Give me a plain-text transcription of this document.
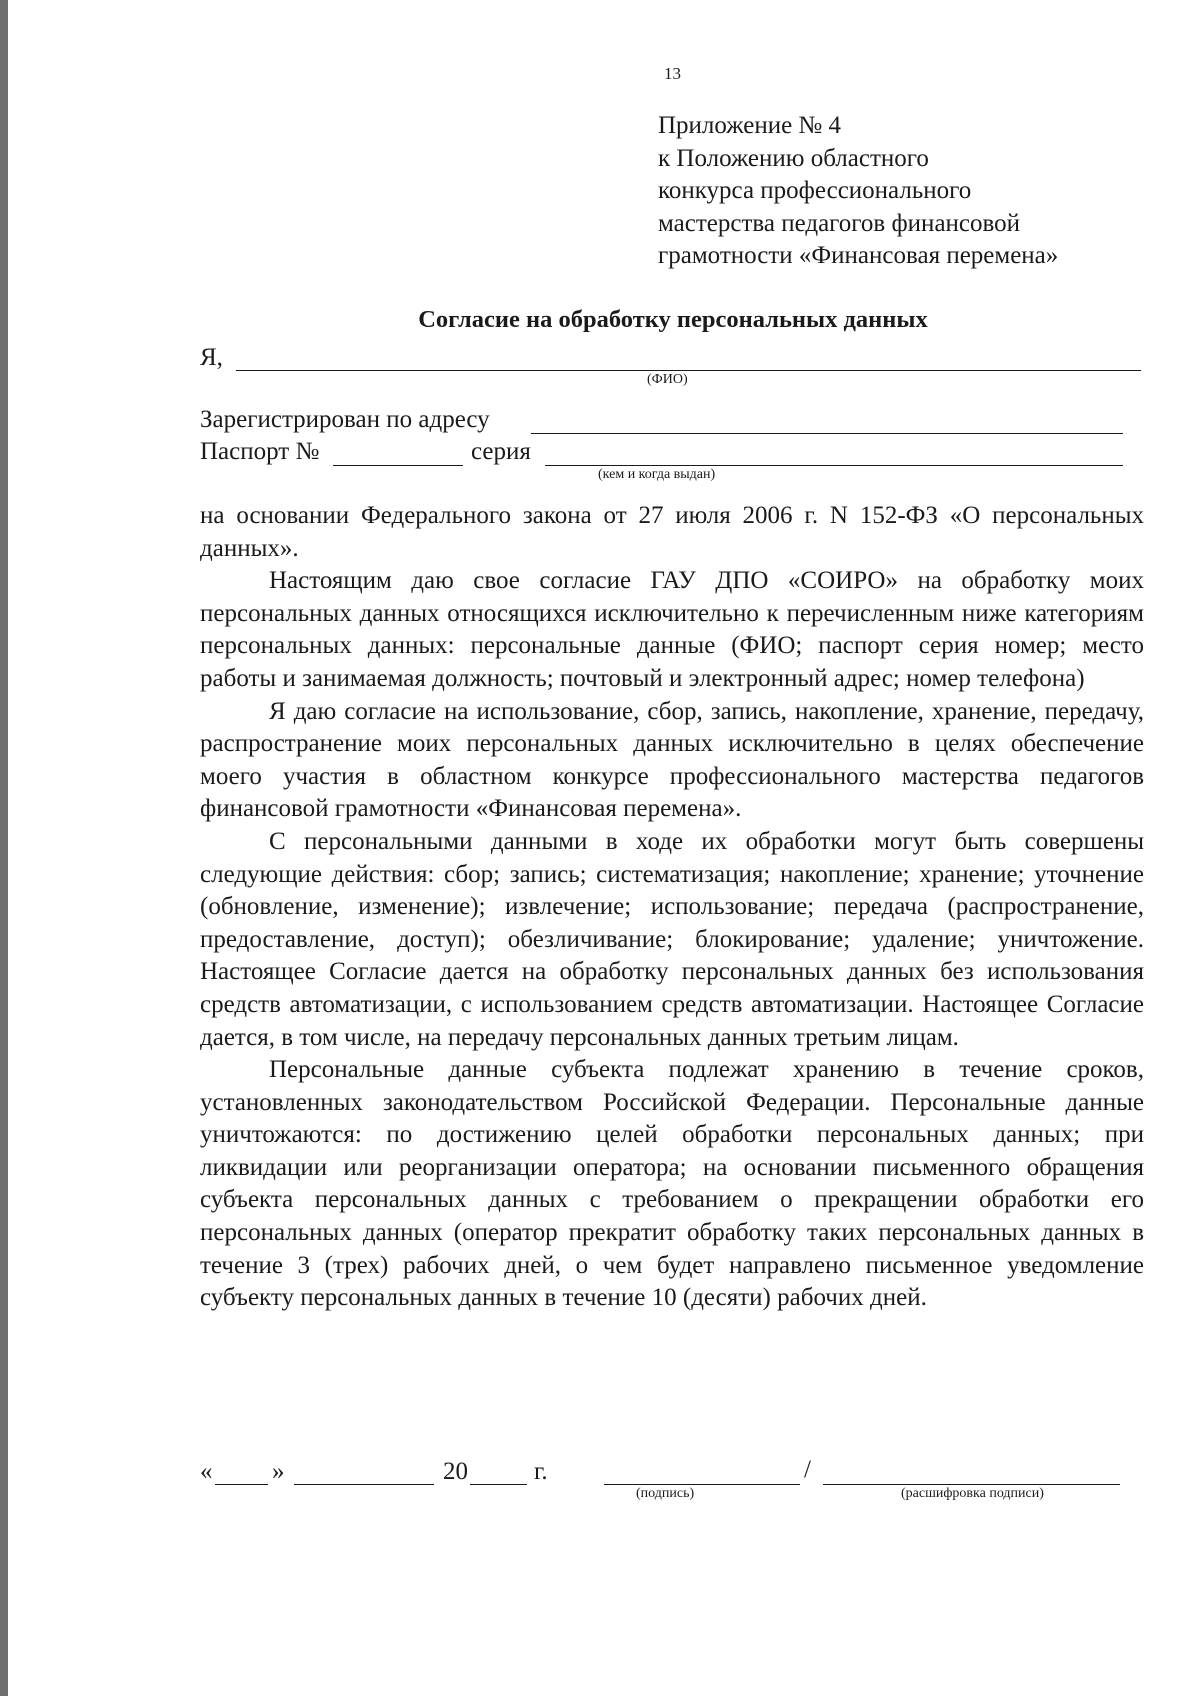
13
Приложение № 4
к Положению областного
конкурса профессионального
мастерства педагогов финансовой
грамотности «Финансовая перемена»
Согласие на обработку персональных данных
Я,
(ФИО)
Зарегистрирован по адресу
Паспорт №	серия
(кем и когда выдан)

на основании Федерального закона от 27 июля 2006 г. N 152-ФЗ «О персональных данных».

Настоящим даю свое согласие ГАУ ДПО «СОИРО» на обработку моих персональных данных относящихся исключительно к перечисленным ниже категориям персональных данных: персональные данные (ФИО; паспорт серия номер; место работы и занимаемая должность; почтовый и электронный адрес; номер телефона)

Я даю согласие на использование, сбор, запись, накопление, хранение, передачу, распространение моих персональных данных исключительно в целях обеспечение моего участия в областном конкурсе профессионального мастерства педагогов финансовой грамотности «Финансовая перемена».

С персональными данными в ходе их обработки могут быть совершены следующие действия: сбор; запись; систематизация; накопление; хранение; уточнение (обновление, изменение); извлечение; использование; передача (распространение, предоставление, доступ); обезличивание; блокирование; удаление; уничтожение. Настоящее Согласие дается на обработку персональных данных без использования средств автоматизации, с использованием средств автоматизации. Настоящее Согласие дается, в том числе, на передачу персональных данных третьим лицам.

Персональные данные субъекта подлежат хранению в течение сроков, установленных законодательством Российской Федерации. Персональные данные уничтожаются: по достижению целей обработки персональных данных; при ликвидации или реорганизации оператора; на основании письменного обращения субъекта персональных данных с требованием о прекращении обработки его персональных данных (оператор прекратит обработку таких персональных данных в течение 3 (трех) рабочих дней, о чем будет направлено письменное уведомление субъекту персональных данных в течение 10 (десяти) рабочих дней.

« »	20	г.	/
(подпись)	(расшифровка подписи)
